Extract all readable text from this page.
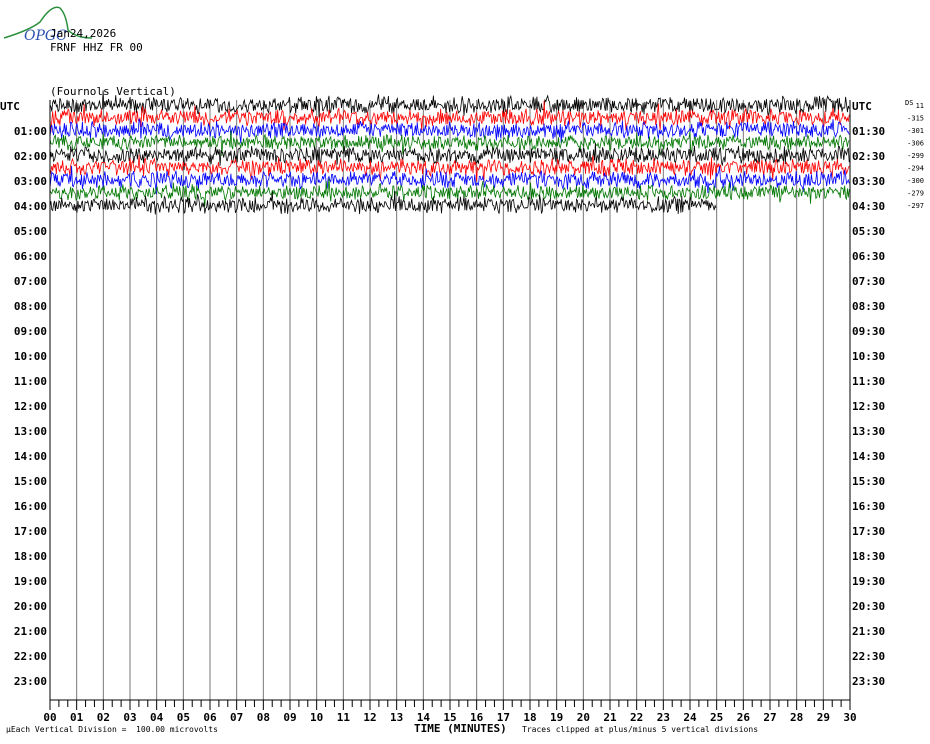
OPGC
Jan24,2026
FRNF HHZ FR 00
(Fournols Vertical)
00 01 02 03 04 05 06 07 08 09 10 11 12 13 14 15 16 17 18 19 20 21 22 23 24 25 26 27 28 29 30
UTC
01:00
02:00
03:00
04:00
05:00
06:00
07:00
08:00
09:00
10:00
11:00
12:00
13:00
14:00
15:00
16:00
17:00
18:00
19:00
20:00
21:00
22:00
23:00
UTC
01:30
02:30
03:30
04:30
05:30
06:30
07:30
08:30
09:30
10:30
11:30
12:30
13:30
14:30
15:30
16:30
17:30
18:30
19:30
20:30
21:30
22:30
23:30
DS 11
-315
-301
-306
-299
-294
-300
-279
-297
TIME (MINUTES)
μEach Vertical Division =  100.00 microvolts	Traces clipped at plus/minus 5 vertical divisions
